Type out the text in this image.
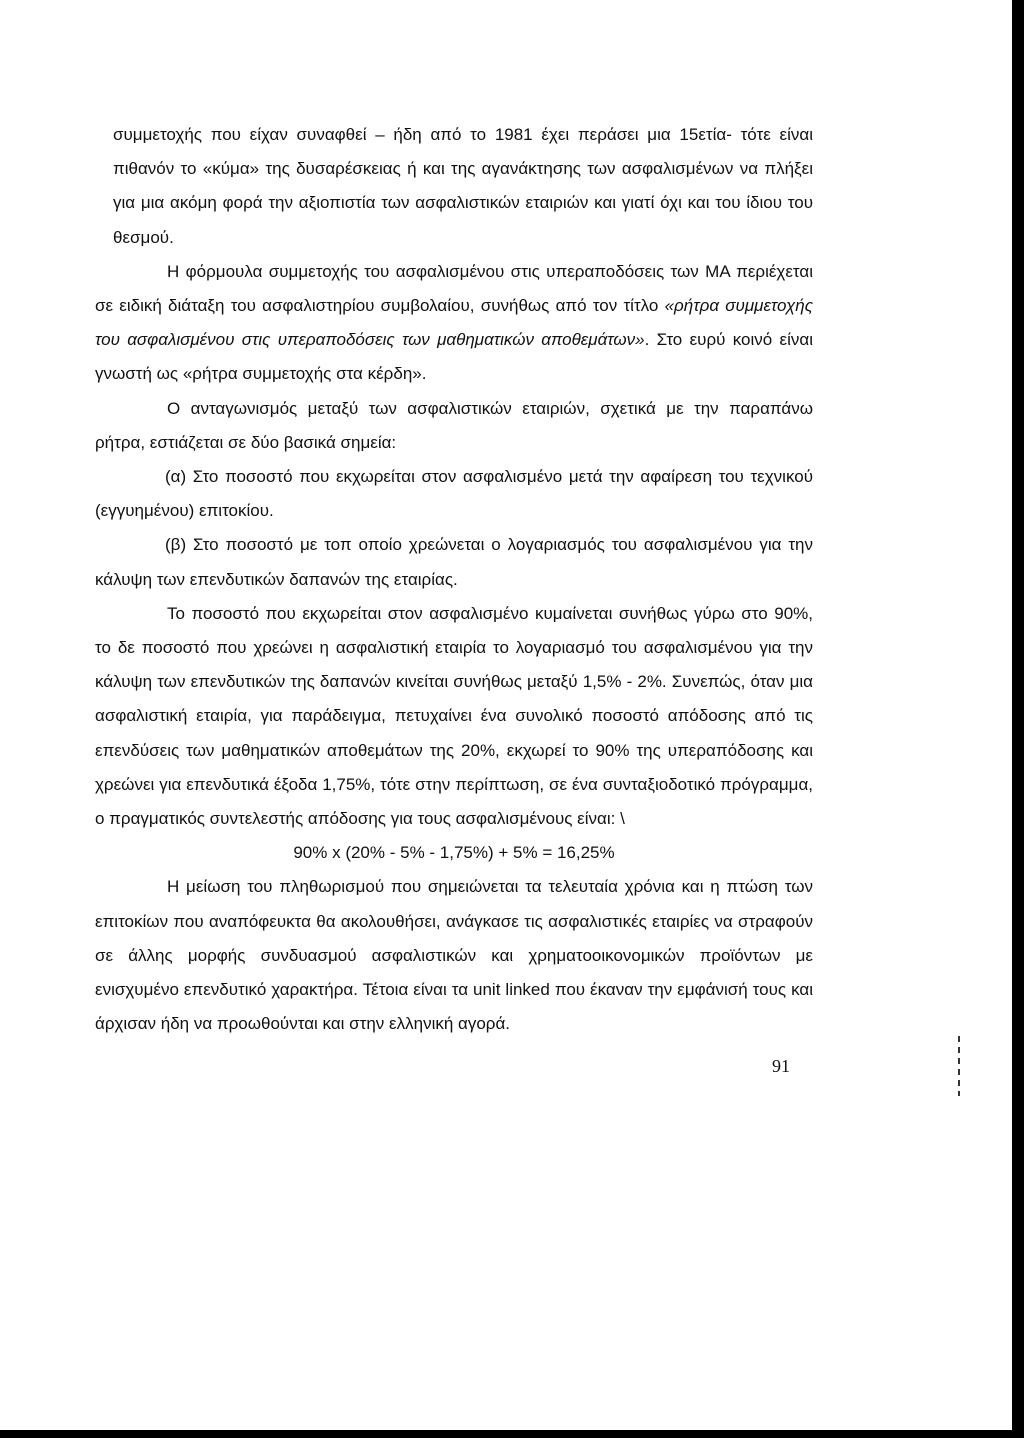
συμμετοχής που είχαν συναφθεί – ήδη από το 1981 έχει περάσει μια 15ετία- τότε είναι πιθανόν το «κύμα» της δυσαρέσκειας ή και της αγανάκτησης των ασφαλισμένων να πλήξει για μια ακόμη φορά την αξιοπιστία των ασφαλιστικών εταιριών και γιατί όχι και του ίδιου του θεσμού.

Η φόρμουλα συμμετοχής του ασφαλισμένου στις υπεραποδόσεις των ΜΑ περιέχεται σε ειδική διάταξη του ασφαλιστηρίου συμβολαίου, συνήθως από τον τίτλο «ρήτρα συμμετοχής του ασφαλισμένου στις υπεραποδόσεις των μαθηματικών αποθεμάτων». Στο ευρύ κοινό είναι γνωστή ως «ρήτρα συμμετοχής στα κέρδη».

Ο ανταγωνισμός μεταξύ των ασφαλιστικών εταιριών, σχετικά με την παραπάνω ρήτρα, εστιάζεται σε δύο βασικά σημεία:

(α) Στο ποσοστό που εκχωρείται στον ασφαλισμένο μετά την αφαίρεση του τεχνικού (εγγυημένου) επιτοκίου.

(β) Στο ποσοστό με τοπ οποίο χρεώνεται ο λογαριασμός του ασφαλισμένου για την κάλυψη των επενδυτικών δαπανών της εταιρίας.

Το ποσοστό που εκχωρείται στον ασφαλισμένο κυμαίνεται συνήθως γύρω στο 90%, το δε ποσοστό που χρεώνει η ασφαλιστική εταιρία το λογαριασμό του ασφαλισμένου για την κάλυψη των επενδυτικών της δαπανών κινείται συνήθως μεταξύ 1,5% - 2%. Συνεπώς, όταν μια ασφαλιστική εταιρία, για παράδειγμα, πετυχαίνει ένα συνολικό ποσοστό απόδοσης από τις επενδύσεις των μαθηματικών αποθεμάτων της 20%, εκχωρεί το 90% της υπεραπόδοσης και χρεώνει για επενδυτικά έξοδα 1,75%, τότε στην περίπτωση, σε ένα συνταξιοδοτικό πρόγραμμα, ο πραγματικός συντελεστής απόδοσης για τους ασφαλισμένους είναι: \

90% x (20% - 5% - 1,75%) + 5% = 16,25%

Η μείωση του πληθωρισμού που σημειώνεται τα τελευταία χρόνια και η πτώση των επιτοκίων που αναπόφευκτα θα ακολουθήσει, ανάγκασε τις ασφαλιστικές εταιρίες να στραφούν σε άλλης μορφής συνδυασμού ασφαλιστικών και χρηματοοικονομικών προϊόντων με ενισχυμένο επενδυτικό χαρακτήρα. Τέτοια είναι τα unit linked που έκαναν την εμφάνισή τους και άρχισαν ήδη να προωθούνται και στην ελληνική αγορά.

91
